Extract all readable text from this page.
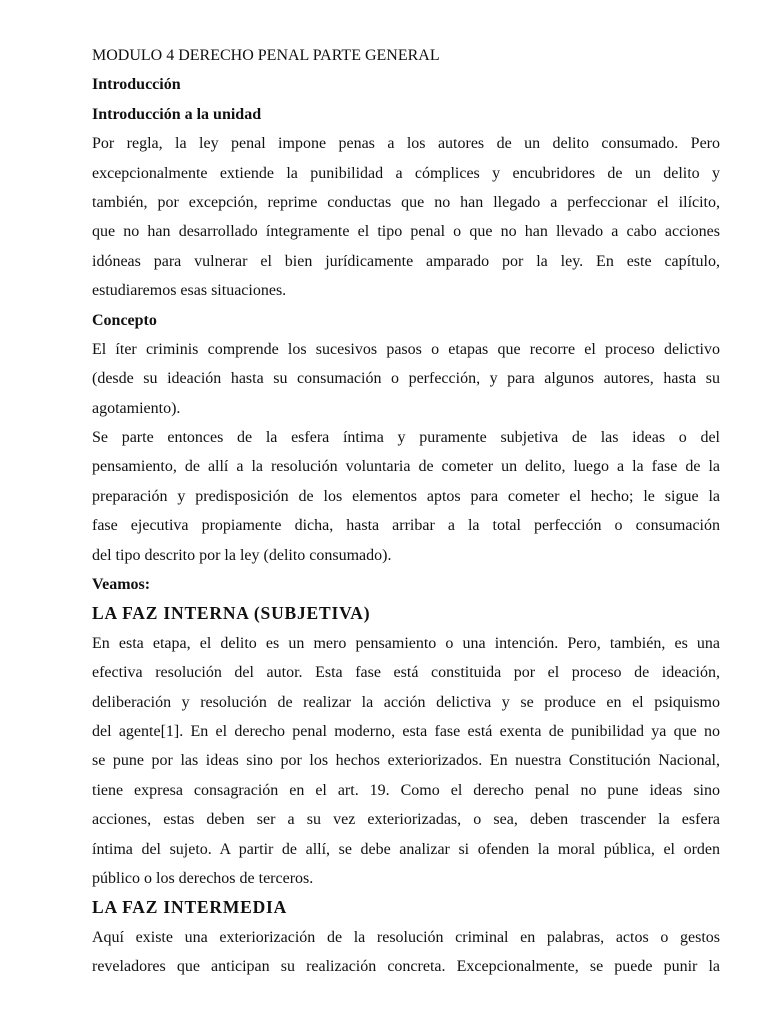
MODULO 4 DERECHO PENAL PARTE GENERAL
Introducción
Introducción a la unidad
Por regla, la ley penal impone penas a los autores de un delito consumado. Pero
excepcionalmente extiende la punibilidad a cómplices y encubridores de un delito y
también, por excepción, reprime conductas que no han llegado a perfeccionar el ilícito,
que no han desarrollado íntegramente el tipo penal o que no han llevado a cabo acciones
idóneas para vulnerar el bien jurídicamente amparado por la ley. En este capítulo,
estudiaremos esas situaciones.
Concepto
El íter criminis comprende los sucesivos pasos o etapas que recorre el proceso delictivo
(desde su ideación hasta su consumación o perfección, y para algunos autores, hasta su
agotamiento).
Se parte entonces de la esfera íntima y puramente subjetiva de las ideas o del
pensamiento, de allí a la resolución voluntaria de cometer un delito, luego a la fase de la
preparación y predisposición de los elementos aptos para cometer el hecho; le sigue la
fase ejecutiva propiamente dicha, hasta arribar a la total perfección o consumación
del tipo descrito por la ley (delito consumado).
Veamos:
LA FAZ INTERNA (SUBJETIVA)
En esta etapa, el delito es un mero pensamiento o una intención. Pero, también, es una
efectiva resolución del autor. Esta fase está constituida por el proceso de ideación,
deliberación y resolución de realizar la acción delictiva y se produce en el psiquismo
del agente[1]. En el derecho penal moderno, esta fase está exenta de punibilidad ya que no
se pune por las ideas sino por los hechos exteriorizados. En nuestra Constitución Nacional,
tiene expresa consagración en el art. 19. Como el derecho penal no pune ideas sino
acciones, estas deben ser a su vez exteriorizadas, o sea, deben trascender la esfera
íntima del sujeto. A partir de allí, se debe analizar si ofenden la moral pública, el orden
público o los derechos de terceros.
LA FAZ INTERMEDIA
Aquí existe una exteriorización de la resolución criminal en palabras, actos o gestos
reveladores que anticipan su realización concreta. Excepcionalmente, se puede punir la
